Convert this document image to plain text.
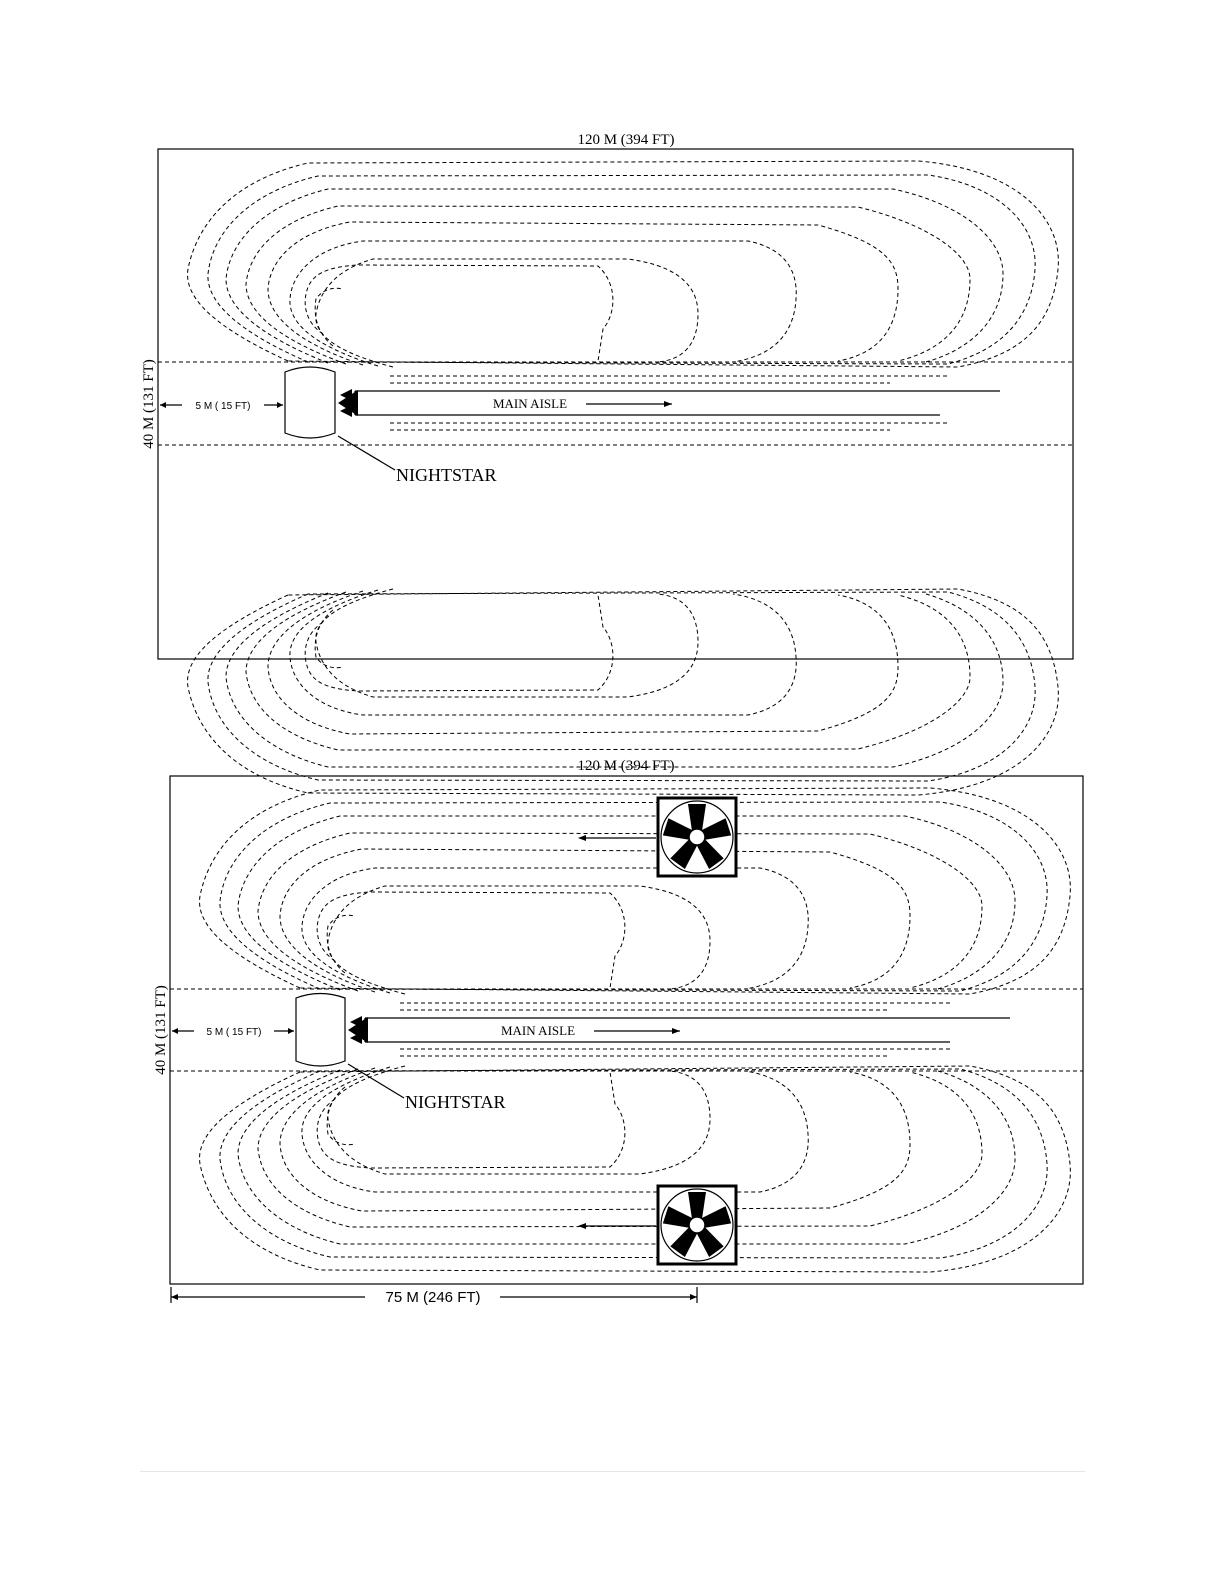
120 M (394 FT)
MAIN AISLE
NIGHTSTAR
5 M ( 15 FT)
40 M (131 FT)
120 M (394 FT)
MAIN AISLE
NIGHTSTAR
5 M ( 15 FT)
40 M (131 FT)
75 M (246 FT)
